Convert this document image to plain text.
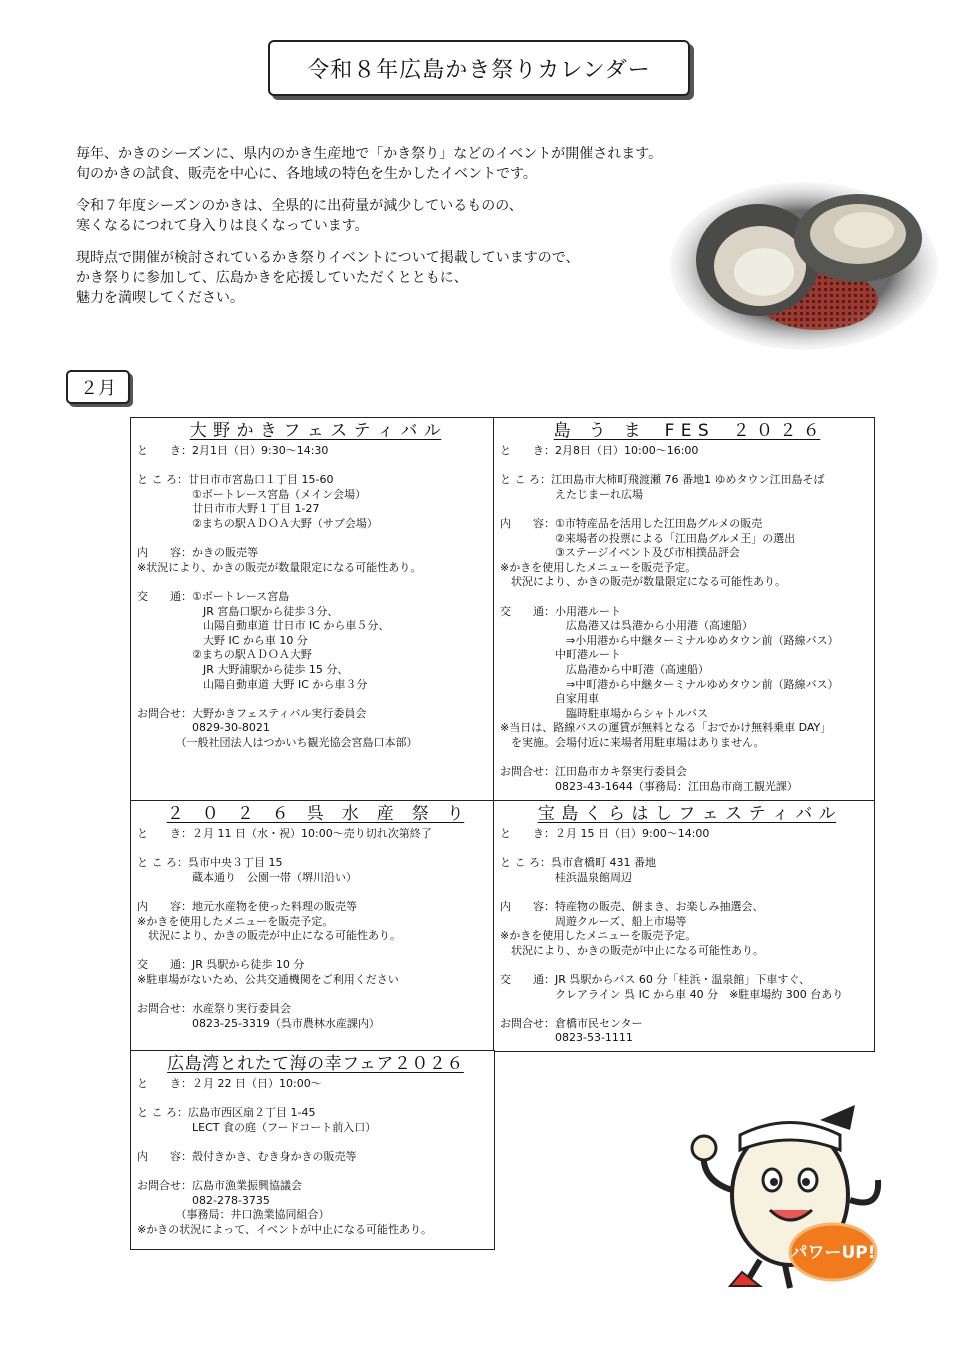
令和８年広島かき祭りカレンダー

毎年、かきのシーズンに、県内のかき生産地で「かき祭り」などのイベントが開催されます。
旬のかきの試食、販売を中心に、各地域の特色を生かしたイベントです。

令和７年度シーズンのかきは、全県的に出荷量が減少しているものの、
寒くなるにつれて身入りは良くなっています。

現時点で開催が検討されているかき祭りイベントについて掲載していますので、
かき祭りに参加して、広島かきを応援していただくとともに、
魅力を満喫してください。

２月
大 野 か き フ ェ ス テ ィ バ ル
と　　き：2月1日（日）9:30～14:30

と こ ろ：廿日市市宮島口１丁目 15-60
　　　　　①ボートレース宮島（メイン会場）
　　　　　廿日市市大野１丁目 1-27
　　　　　②まちの駅ＡＤＯＡ大野（サブ会場）

内　　容：かきの販売等
※状況により、かきの販売が数量限定になる可能性あり。

交　　通：①ボートレース宮島
　　　　　　JR 宮島口駅から徒歩３分、
　　　　　　山陽自動車道 廿日市 IC から車５分、
　　　　　　大野 IC から車 10 分
　　　　　②まちの駅ＡＤＯＡ大野
　　　　　　JR 大野浦駅から徒歩 15 分、
　　　　　　山陽自動車道 大野 IC から車３分

お問合せ：大野かきフェスティバル実行委員会
　　　　　0829-30-8021
　　　　（一般社団法人はつかいち観光協会宮島口本部）
島　う　ま　 F E S　 ２ ０ ２ ６
と　　き：2月8日（日）10:00～16:00

と こ ろ：江田島市大柿町飛渡瀬 76 番地1 ゆめタウン江田島そば
　　　　　えたじまーれ広場

内　　容：①市特産品を活用した江田島グルメの販売
　　　　　②来場者の投票による「江田島グルメ王」の選出
　　　　　③ステージイベント及び市相撲品評会
※かきを使用したメニューを販売予定。
　状況により、かきの販売が数量限定になる可能性あり。

交　　通：小用港ルート
　　　　　　広島港又は呉港から小用港（高速船）
　　　　　　⇒小用港から中継ターミナルゆめタウン前（路線バス）
　　　　　中町港ルート
　　　　　　広島港から中町港（高速船）
　　　　　　⇒中町港から中継ターミナルゆめタウン前（路線バス）
　　　　　自家用車
　　　　　　臨時駐車場からシャトルバス
※当日は、路線バスの運賃が無料となる「おでかけ無料乗車 DAY」
　を実施。会場付近に来場者用駐車場はありません。

お問合せ：江田島市カキ祭実行委員会
　　　　　0823-43-1644（事務局：江田島市商工観光課）
２　０　２　６　呉　水　産　祭　り
と　　き：２月 11 日（水・祝）10:00～売り切れ次第終了

と こ ろ：呉市中央３丁目 15
　　　　　蔵本通り　公園一帯（堺川沿い）

内　　容：地元水産物を使った料理の販売等
※かきを使用したメニューを販売予定。
　状況により、かきの販売が中止になる可能性あり。

交　　通：JR 呉駅から徒歩 10 分
※駐車場がないため、公共交通機関をご利用ください

お問合せ：水産祭り実行委員会
　　　　　0823-25-3319（呉市農林水産課内）
宝 島 く ら は し フ ェ ス テ ィ バ ル
と　　き：２月 15 日（日）9:00～14:00

と こ ろ：呉市倉橋町 431 番地
　　　　　桂浜温泉館周辺

内　　容：特産物の販売、餅まき、お楽しみ抽選会、
　　　　　周遊クルーズ、船上市場等
※かきを使用したメニューを販売予定。
　状況により、かきの販売が中止になる可能性あり。

交　　通：JR 呉駅からバス 60 分「桂浜・温泉館」下車すぐ、
　　　　　クレアライン 呉 IC から車 40 分　※駐車場約 300 台あり

お問合せ：倉橋市民センター
　　　　　0823-53-1111
広島湾とれたて海の幸フェア２０２６
と　　き：２月 22 日（日）10:00～

と こ ろ：広島市西区扇２丁目 1-45
　　　　　LECT 食の庭（フードコート前入口）

内　　容：殻付きかき、むき身かきの販売等

お問合せ：広島市漁業振興協議会
　　　　　082-278-3735
　　　　（事務局：井口漁業協同組合）
※かきの状況によって、イベントが中止になる可能性あり。
パワーUP!
